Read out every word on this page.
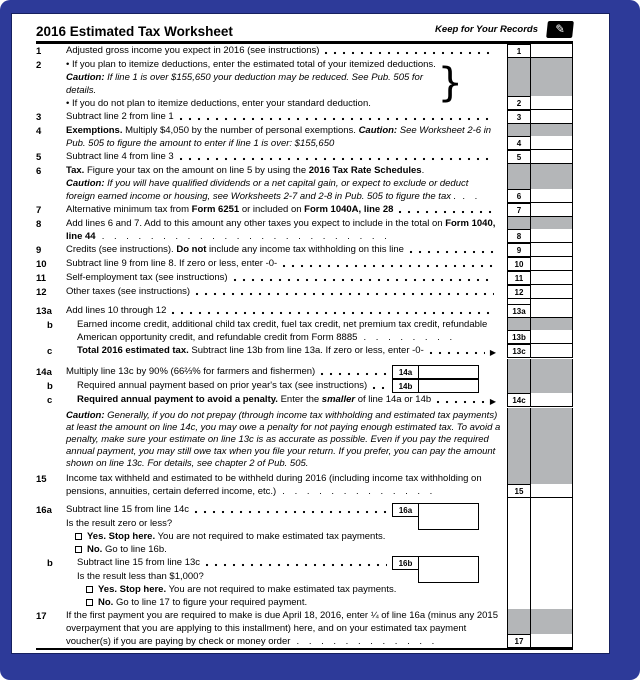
2016 Estimated Tax Worksheet	Keep for Your Records ✎
1	Adjusted gross income you expect in 2016 (see instructions)	1
2	• If you plan to itemize deductions, enter the estimated total of your itemized deductions.
Caution: If line 1 is over $155,650 your deduction may be reduced. See Pub. 505 for details.
• If you do not plan to itemize deductions, enter your standard deduction.	}	2
3	Subtract line 2 from line 1	3
4	Exemptions. Multiply $4,050 by the number of personal exemptions. Caution: See Worksheet 2-6 in Pub. 505 to figure the amount to enter if line 1 is over: $155,650	4
5	Subtract line 4 from line 3	5
6	Tax. Figure your tax on the amount on line 5 by using the 2016 Tax Rate Schedules.
Caution: If you will have qualified dividends or a net capital gain, or expect to exclude or deduct foreign earned income or housing, see Worksheets 2-7 and 2-8 in Pub. 505 to figure the tax . . .	6
7	Alternative minimum tax from Form 6251 or included on Form 1040A, line 28	7
8	Add lines 6 and 7. Add to this amount any other taxes you expect to include in the total on Form 1040, line 44 . . . . . . . . . . . . . . . . . . . . . . . .	8
9	Credits (see instructions). Do not include any income tax withholding on this line	9
10	Subtract line 9 from line 8. If zero or less, enter -0-	10
11	Self-employment tax (see instructions)	11
12	Other taxes (see instructions)	12
13a	Add lines 10 through 12	13a
b	Earned income credit, additional child tax credit, fuel tax credit, net premium tax credit, refundable American opportunity credit, and refundable credit from Form 8885 . . . . . . . .	13b
c	Total 2016 estimated tax. Subtract line 13b from line 13a. If zero or less, enter -0-	▶	13c
14a	Multiply line 13c by 90% (66⅔% for farmers and fishermen)	14a
b	Required annual payment based on prior year's tax (see instructions)	14b
c	Required annual payment to avoid a penalty. Enter the smaller of line 14a or 14b	▶	14c
Caution: Generally, if you do not prepay (through income tax withholding and estimated tax payments) at least the amount on line 14c, you may owe a penalty for not paying enough estimated tax. To avoid a penalty, make sure your estimate on line 13c is as accurate as possible. Even if you pay the required annual payment, you may still owe tax when you file your return. If you prefer, you can pay the amount shown on line 13c. For details, see chapter 2 of Pub. 505.
15	Income tax withheld and estimated to be withheld during 2016 (including income tax withholding on pensions, annuities, certain deferred income, etc.) . . . . . . . . . . . . .	15
16a	Subtract line 15 from line 14c	16a
Is the result zero or less?
Yes. Stop here. You are not required to make estimated tax payments.
No. Go to line 16b.
b	Subtract line 15 from line 13c	16b
Is the result less than $1,000?
Yes. Stop here. You are not required to make estimated tax payments.
No. Go to line 17 to figure your required payment.
17	If the first payment you are required to make is due April 18, 2016, enter ¼ of line 16a (minus any 2015 overpayment that you are applying to this installment) here, and on your estimated tax payment voucher(s) if you are paying by check or money order . . . . . . . . . . . .	17
